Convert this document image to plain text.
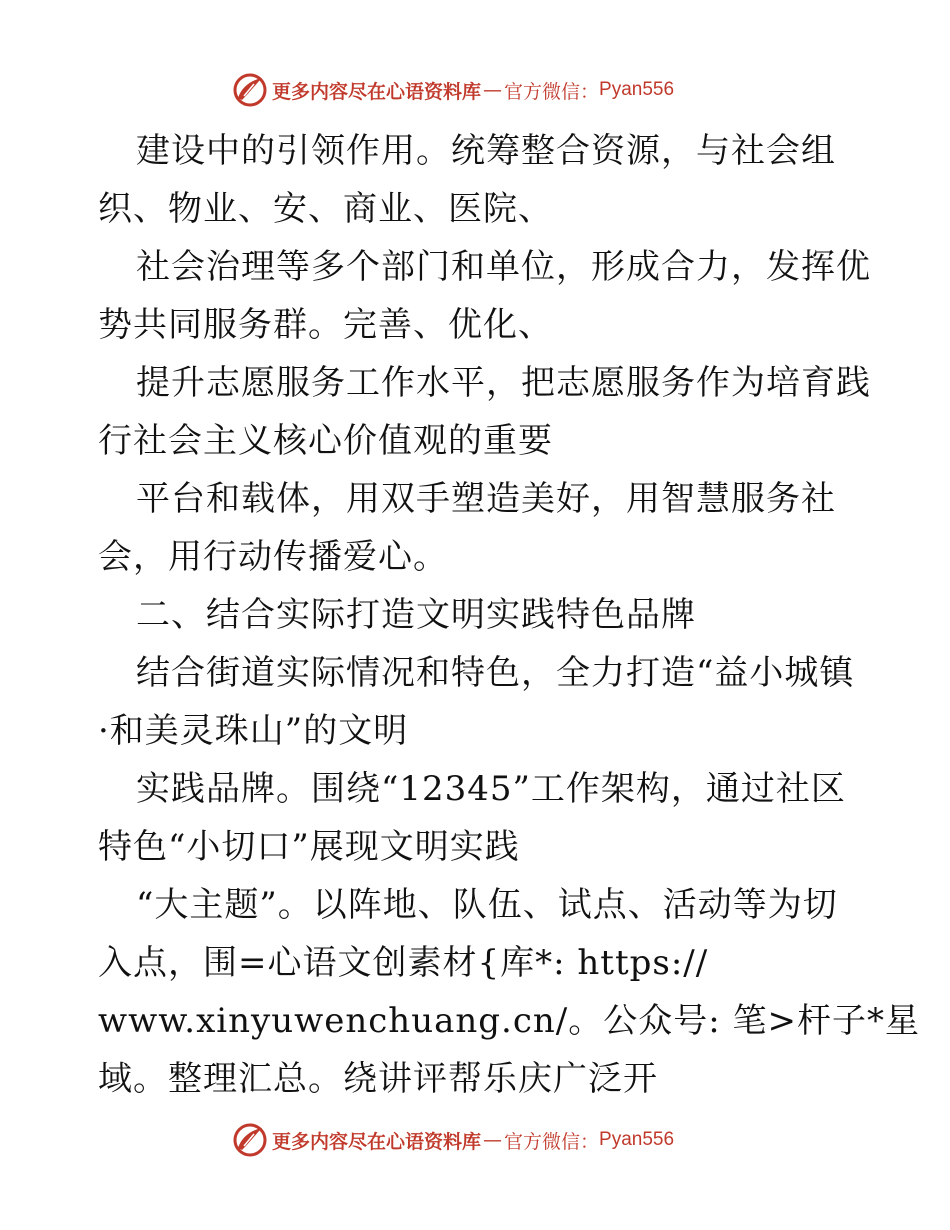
更多内容尽在心语资料库 — 官方微信： Pyan556
建设中的引领作用。统筹整合资源，与社会组
织、物业、安、商业、医院、
社会治理等多个部门和单位，形成合力，发挥优
势共同服务群。完善、优化、
提升志愿服务工作水平，把志愿服务作为培育践
行社会主义核心价值观的重要
平台和载体，用双手塑造美好，用智慧服务社
会，用行动传播爱心。
二、结合实际打造文明实践特色品牌
结合街道实际情况和特色，全力打造“益小城镇
·和美灵珠山”的文明
实践品牌。围绕“12345”工作架构，通过社区
特色“小切口”展现文明实践
“大主题”。以阵地、队伍、试点、活动等为切
入点，围=心语文创素材{库*: https://
www.xinyuwenchuang.cn/。公众号: 笔>杆子*星
域。整理汇总。绕讲评帮乐庆广泛开
更多内容尽在心语资料库 — 官方微信： Pyan556
